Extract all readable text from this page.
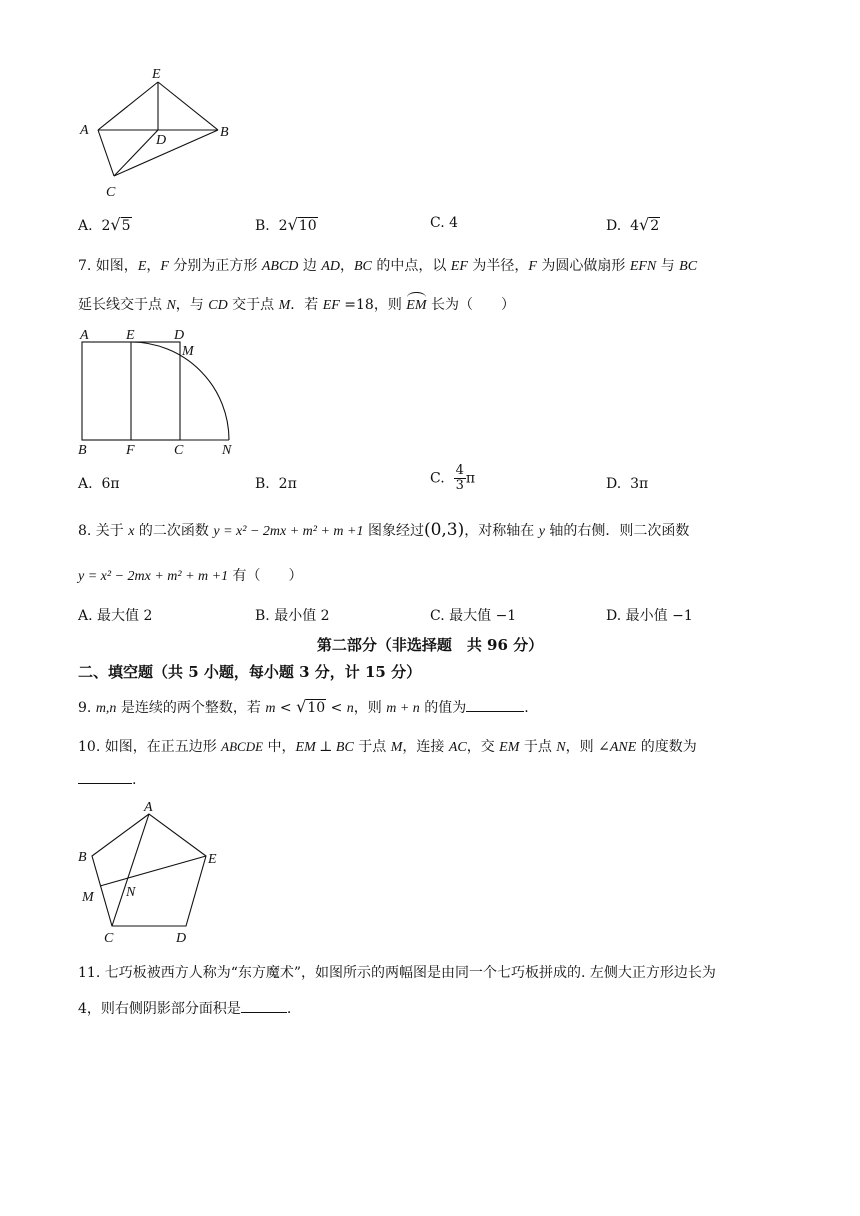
E
A
D
B
C
A. 2√5	B. 2√10	C. 4	D. 4√2
7. 如图，E，F 分别为正方形 ABCD 边 AD，BC 的中点，以 EF 为半径，F 为圆心做扇形 EFN 与 BC
延长线交于点 N，与 CD 交于点 M．若 EF =18，则 EM 长为（　　）
A	E	D
M
B	F	C	N
A. 6π	B. 2π	C. $\frac{4}{3}$ π	D. 3π
8. 关于 x 的二次函数 y = x² − 2mx + m² + m +1 图象经过(0,3)，对称轴在 y 轴的右侧．则二次函数
y = x² − 2mx + m² + m +1 有（　　）
A. 最大值 2	B. 最小值 2	C. 最大值 −1	D. 最小值 −1
第二部分（非选择题　共 96 分）
二、填空题（共 5 小题，每小题 3 分，计 15 分）
9. m,n 是连续的两个整数，若 m < √10 < n，则 m + n 的值为	.
10. 如图，在正五边形 ABCDE 中，EM ⊥ BC 于点 M，连接 AC，交 EM 于点 N，则 ∠ANE 的度数为
.
A
B	E
M N
C	D
11. 七巧板被西方人称为“东方魔术”，如图所示的两幅图是由同一个七巧板拼成的. 左侧大正方形边长为
4，则右侧阴影部分面积是	.
